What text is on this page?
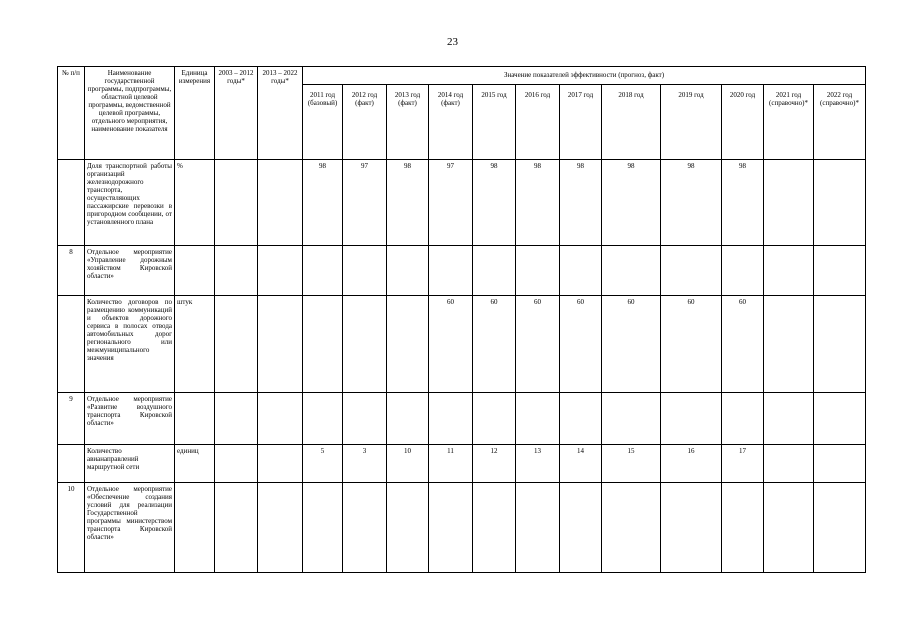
23
№ п/п	Наименование государственной программы, подпрограммы, областной целевой программы, ведомственной целевой программы, отдельного мероприятия, наименование показателя	Единица измерения	2003 – 2012 годы*	2013 – 2022 годы*	Значение показателей эффективности (прогноз, факт)											
					2011 год (базовый)	2012 год (факт)	2013 год (факт)	2014 год (факт)	2015 год	2016 год	2017 год	2018 год	2019 год	2020 год	2021 год (справочно)*	2022 год (справочно)*
	Доля транспортной работы организаций железнодорожного транспорта, осуществляющих пассажирские перевозки в пригородном сообщении, от установленного плана	%			98	97	98	97	98	98	98	98	98	98		
8	Отдельное мероприятие «Управление дорожным хозяйством Кировской области»															
	Количество договоров по размещению коммуникаций и объектов дорожного сервиса в полосах отвода автомобильных дорог регионального или межмуниципального значения	штук						60	60	60	60	60	60	60		
9	Отдельное мероприятие «Развитие воздушного транспорта Кировской области»															
	Количество авианаправлений маршрутной сети	единиц			5	3	10	11	12	13	14	15	16	17		
10	Отдельное мероприятие «Обеспечение создания условий для реализации Государственной программы министерством транспорта Кировской области»															
